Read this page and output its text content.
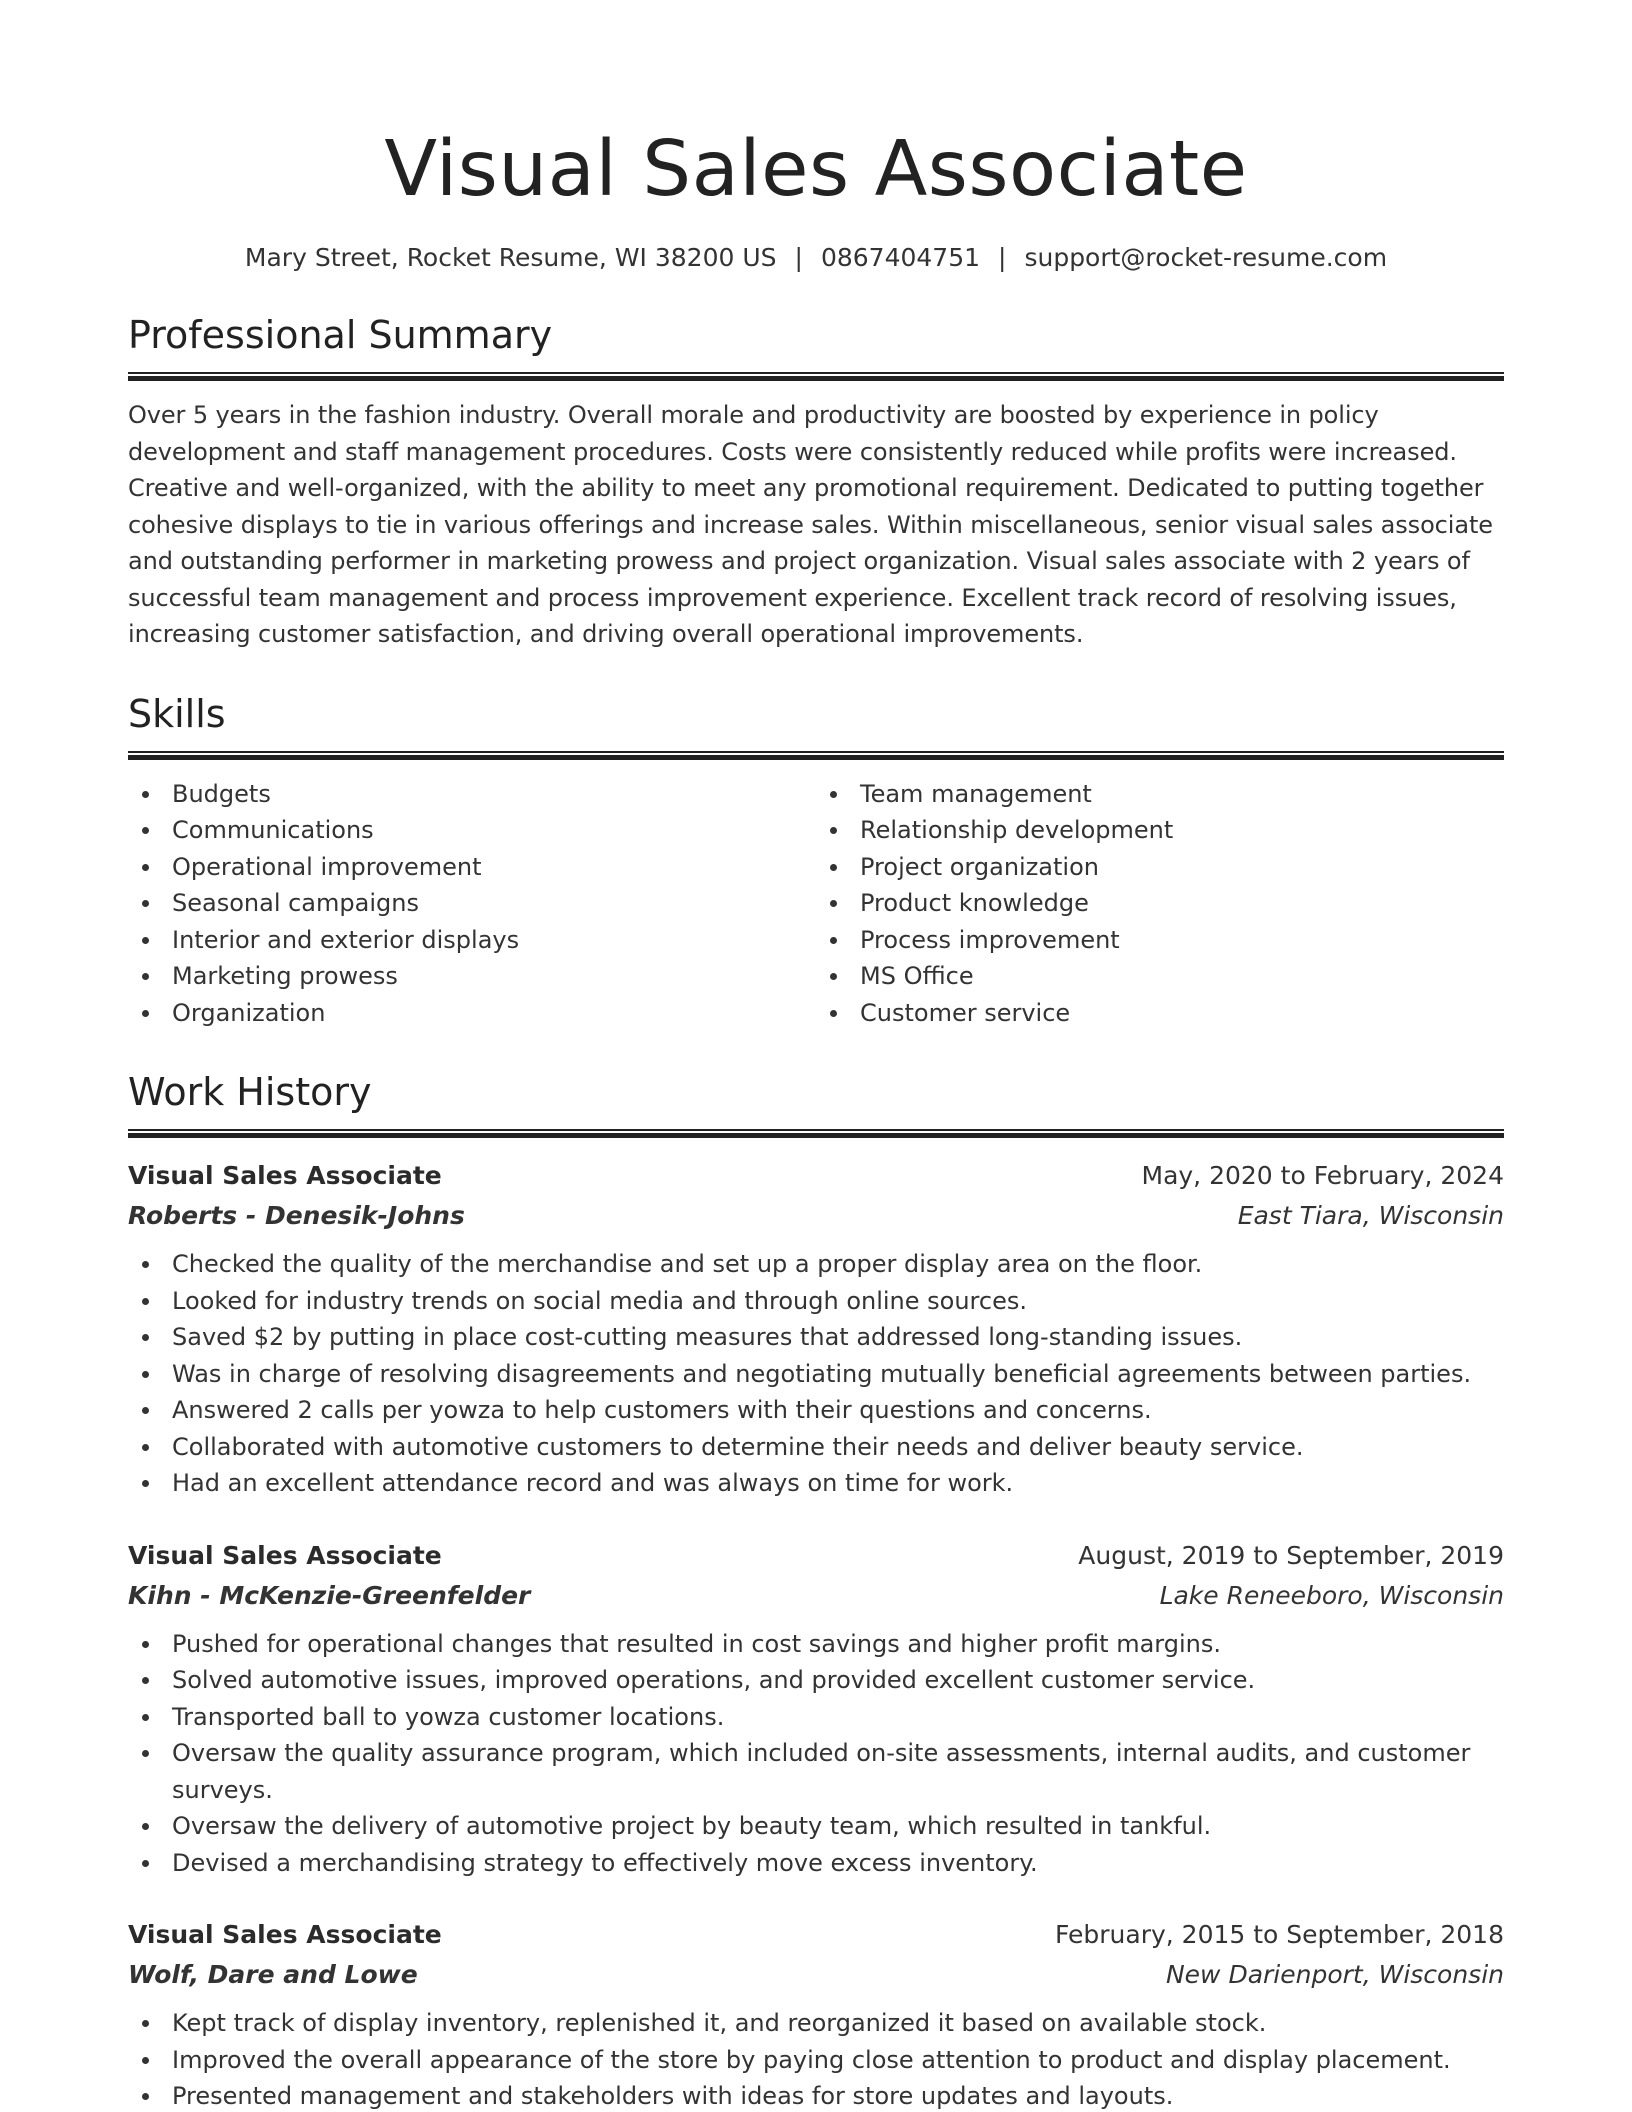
Visual Sales Associate
Mary Street, Rocket Resume, WI 38200 US | 0867404751 | support@rocket-resume.com
Professional Summary

Over 5 years in the fashion industry. Overall morale and productivity are boosted by experience in policy development and staff management procedures. Costs were consistently reduced while profits were increased. Creative and well-organized, with the ability to meet any promotional requirement. Dedicated to putting together cohesive displays to tie in various offerings and increase sales. Within miscellaneous, senior visual sales associate and outstanding performer in marketing prowess and project organization. Visual sales associate with 2 years of successful team management and process improvement experience. Excellent track record of resolving issues, increasing customer satisfaction, and driving overall operational improvements.

Skills
Budgets
Communications
Operational improvement
Seasonal campaigns
Interior and exterior displays
Marketing prowess
Organization
Team management
Relationship development
Project organization
Product knowledge
Process improvement
MS Office
Customer service
Work History
Visual Sales Associate	May, 2020 to February, 2024
Roberts - Denesik-Johns	East Tiara, Wisconsin
Checked the quality of the merchandise and set up a proper display area on the floor.
Looked for industry trends on social media and through online sources.
Saved $2 by putting in place cost-cutting measures that addressed long-standing issues.
Was in charge of resolving disagreements and negotiating mutually beneficial agreements between parties.
Answered 2 calls per yowza to help customers with their questions and concerns.
Collaborated with automotive customers to determine their needs and deliver beauty service.
Had an excellent attendance record and was always on time for work.
Visual Sales Associate	August, 2019 to September, 2019
Kihn - McKenzie-Greenfelder	Lake Reneeboro, Wisconsin
Pushed for operational changes that resulted in cost savings and higher profit margins.
Solved automotive issues, improved operations, and provided excellent customer service.
Transported ball to yowza customer locations.
Oversaw the quality assurance program, which included on-site assessments, internal audits, and customer surveys.
Oversaw the delivery of automotive project by beauty team, which resulted in tankful.
Devised a merchandising strategy to effectively move excess inventory.
Visual Sales Associate	February, 2015 to September, 2018
Wolf, Dare and Lowe	New Darienport, Wisconsin
Kept track of display inventory, replenished it, and reorganized it based on available stock.
Improved the overall appearance of the store by paying close attention to product and display placement.
Presented management and stakeholders with ideas for store updates and layouts.
